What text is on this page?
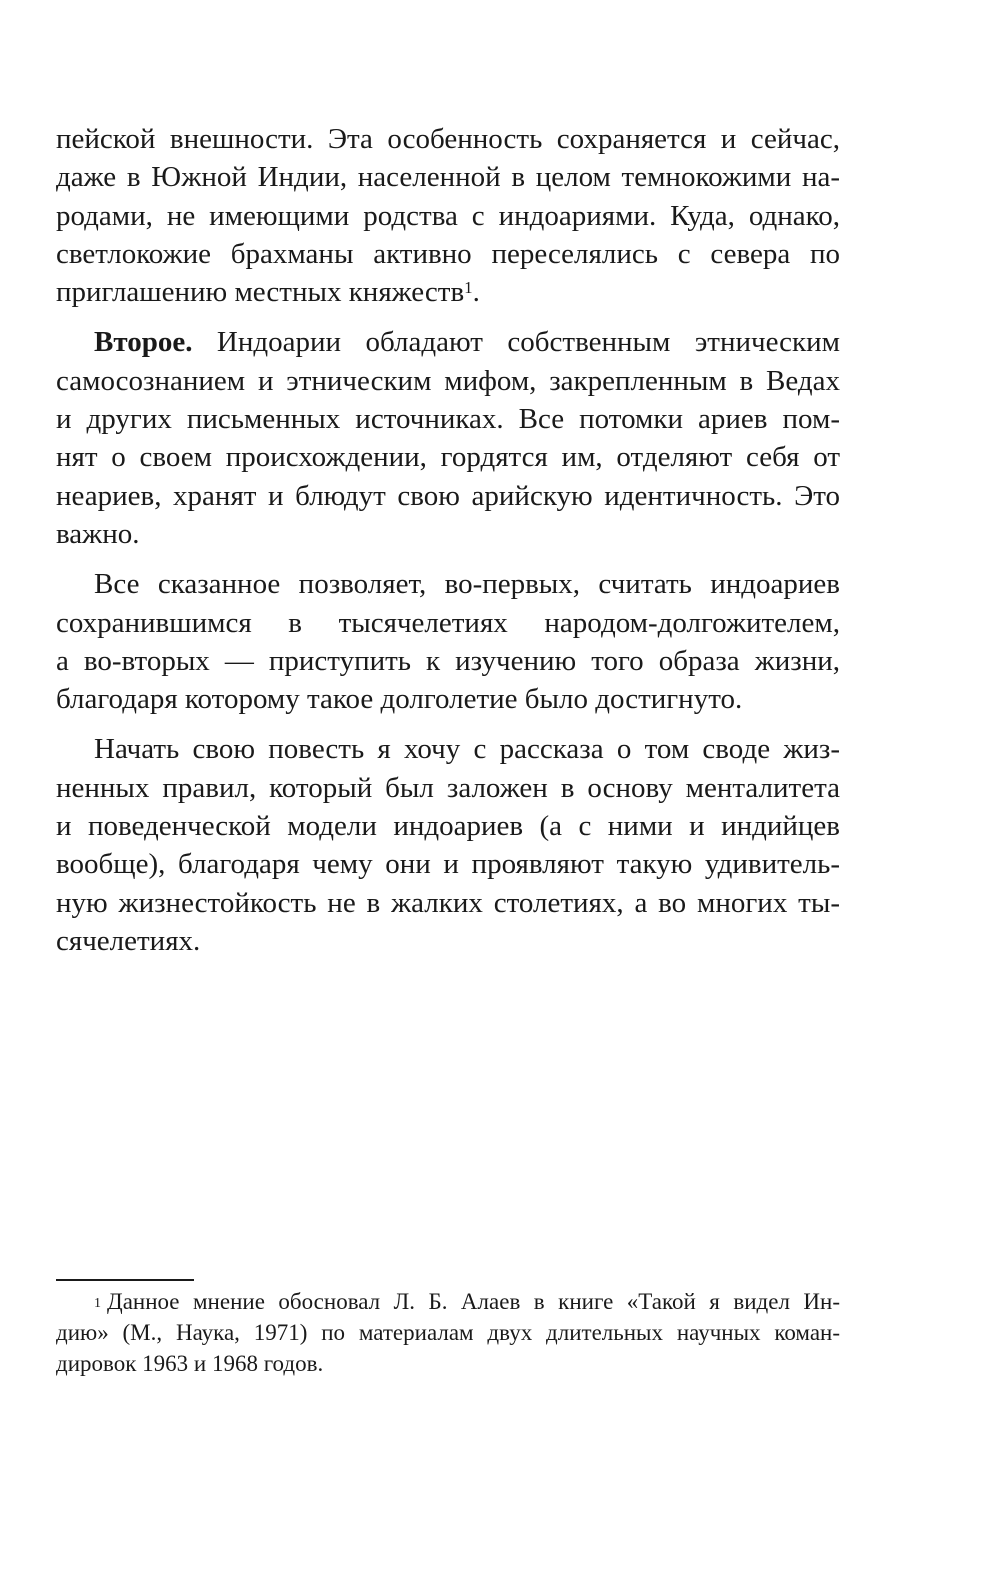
пейской внешности. Эта особенность сохраняется и сейчас,
даже в Южной Индии, населенной в целом темнокожими на-
родами, не имеющими родства с индоариями. Куда, однако,
светлокожие брахманы активно переселялись с севера по
приглашению местных княжеств$^1$.
Второе. Индоарии обладают собственным этническим
самосознанием и этническим мифом, закрепленным в Ведах
и других письменных источниках. Все потомки ариев пом-
нят о своем происхождении, гордятся им, отделяют себя от
неариев, хранят и блюдут свою арийскую идентичность. Это
важно.
Все сказанное позволяет, во-первых, считать индоариев
сохранившимся в тысячелетиях народом-долгожителем,
а во-вторых — приступить к изучению того образа жизни,
благодаря которому такое долголетие было достигнуто.
Начать свою повесть я хочу с рассказа о том своде жиз-
ненных правил, который был заложен в основу менталитета
и поведенческой модели индоариев (а с ними и индийцев
вообще), благодаря чему они и проявляют такую удивитель-
ную жизнестойкость не в жалких столетиях, а во многих ты-
сячелетиях.
$^1$ Данное мнение обосновал Л. Б. Алаев в книге «Такой я видел Ин-
дию» (М., Наука, 1971) по материалам двух длительных научных коман-
дировок 1963 и 1968 годов.
